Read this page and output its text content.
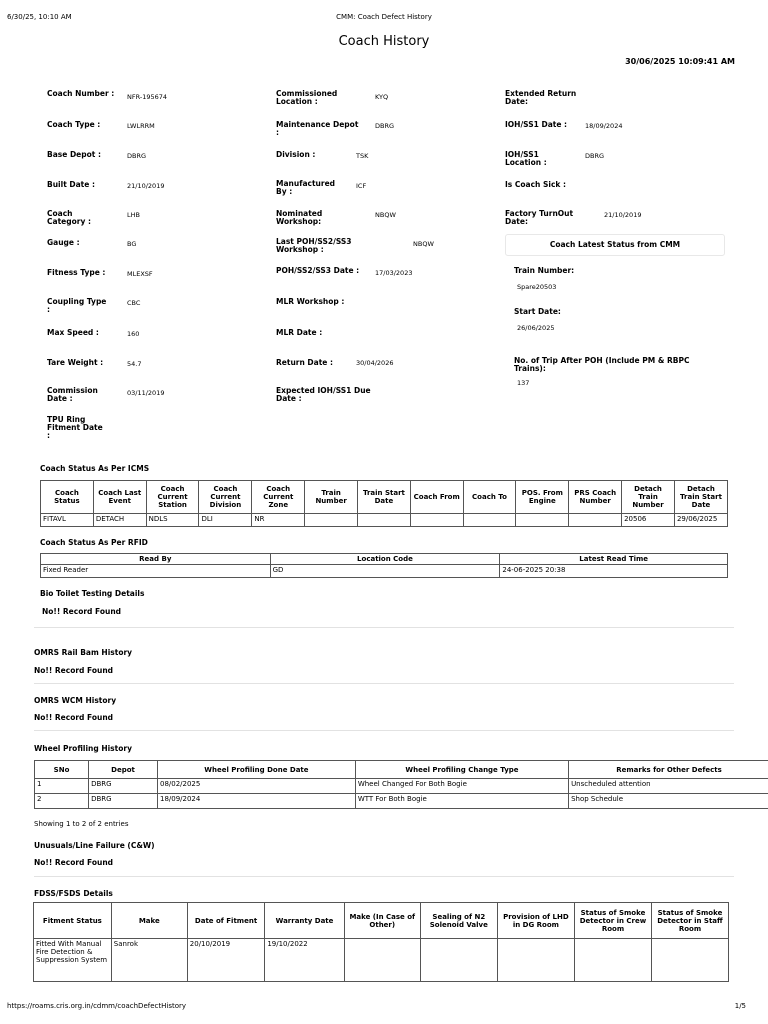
6/30/25, 10:10 AM	CMM: Coach Defect History
Coach History
30/06/2025 10:09:41 AM
Coach Number :	NFR-195674
Coach Type :	LWLRRM
Base Depot :	DBRG
Built Date :	21/10/2019
Coach Category :
LHB
Gauge :	BG
Fitness Type :	MLEXSF
Coupling Type :
CBC
Max Speed :	160
Tare Weight :	54.7
Commission Date :
03/11/2019
TPU Ring Fitment Date :
Commissioned Location :	KYQ
Maintenance Depot :
DBRG
Division :	TSK
Manufactured By :
ICF
Nominated Workshop:
NBQW
Last POH/SS2/SS3 Workshop :
NBQW
POH/SS2/SS3 Date :	17/03/2023
MLR Workshop :
MLR Date :
Return Date :	30/04/2026
Expected IOH/SS1 Due Date :
Extended Return Date:
IOH/SS1 Date :	18/09/2024
IOH/SS1 Location :
DBRG
Is Coach Sick :
Factory TurnOut Date:
21/10/2019
Coach Latest Status from CMM
Train Number:
Spare20503
Start Date:
26/06/2025
No. of Trip After POH (Include PM & RBPC Trains):
137
Coach Status As Per ICMS
Coach Status	Coach Last Event	Coach Current Station	Coach Current Division	Coach Current Zone	Train Number	Train Start Date	Coach From	Coach To	POS. From Engine	PRS Coach Number	Detach Train Number	Detach Train Start Date
FITAVL	DETACH	NDLS	DLI	NR							20506	29/06/2025
Coach Status As Per RFID
Read By	Location Code	Latest Read Time
Fixed Reader	GD	24-06-2025 20:38
Bio Toilet Testing Details
No!! Record Found
OMRS Rail Bam History
No!! Record Found
OMRS WCM History
No!! Record Found
Wheel Profiling History
SNo	Depot	Wheel Profiling Done Date	Wheel Profiling Change Type	Remarks for Other Defects
1	DBRG	08/02/2025	Wheel Changed For Both Bogie	Unscheduled attention
2	DBRG	18/09/2024	WTT For Both Bogie	Shop Schedule
Showing 1 to 2 of 2 entries
Unusuals/Line Failure (C&W)
No!! Record Found
FDSS/FSDS Details
Fitment Status	Make	Date of Fitment	Warranty Date	Make (In Case of Other)	Sealing of N2 Solenoid Valve	Provision of LHD in DG Room	Status of Smoke Detector in Crew Room	Status of Smoke Detector in Staff Room
Fitted With Manual Fire Detection & Suppression System	Sanrok	20/10/2019	19/10/2022					
https://roams.cris.org.in/cdmm/coachDefectHistory	1/5
